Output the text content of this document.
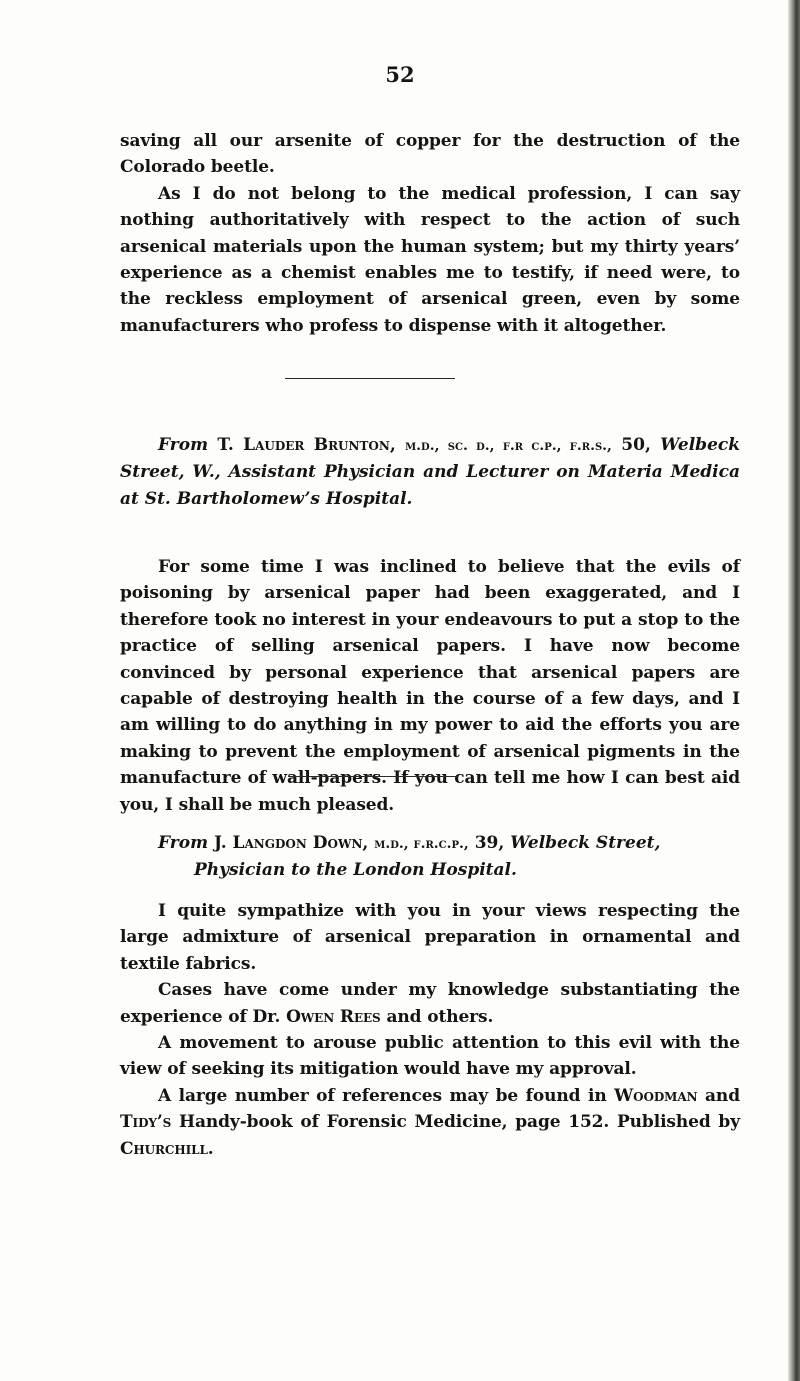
52

saving all our arsenite of copper for the destruction of the Colorado beetle.

As I do not belong to the medical profession, I can say nothing authoritatively with respect to the action of such arsenical materials upon the human system; but my thirty years’ experience as a chemist enables me to testify, if need were, to the reckless employment of arsenical green, even by some manufacturers who profess to dispense with it altogether.

From T. Lauder Brunton, m.d., sc. d., f.r c.p., f.r.s., 50, Welbeck Street, W., Assistant Physician and Lecturer on Materia Medica at St. Bartholomew’s Hospital.

For some time I was inclined to believe that the evils of poisoning by arsenical paper had been exaggerated, and I therefore took no interest in your endeavours to put a stop to the practice of selling arsenical papers. I have now become convinced by personal experience that arsenical papers are capable of destroying health in the course of a few days, and I am willing to do anything in my power to aid the efforts you are making to prevent the employment of arsenical pigments in the manufacture of wall-papers. If you can tell me how I can best aid you, I shall be much pleased.

From J. Langdon Down, m.d., f.r.c.p., 39, Welbeck Street,
Physician to the London Hospital.

I quite sympathize with you in your views respecting the large admixture of arsenical preparation in ornamental and textile fabrics.

Cases have come under my knowledge substantiating the experience of Dr. Owen Rees and others.

A movement to arouse public attention to this evil with the view of seeking its mitigation would have my approval.

A large number of references may be found in Woodman and Tidy’s Handy-book of Forensic Medicine, page 152. Published by Churchill.
